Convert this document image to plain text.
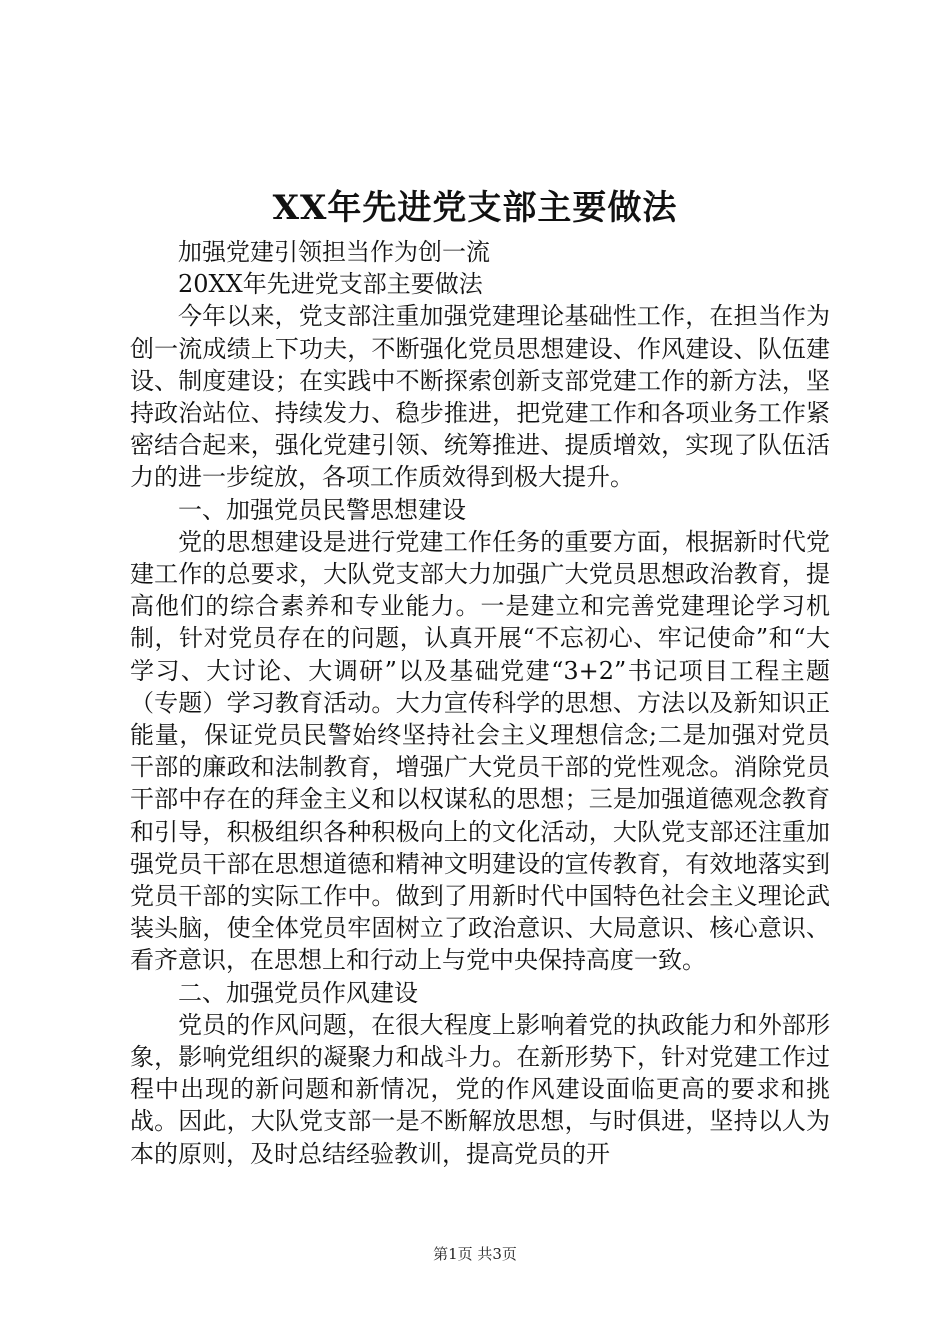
XX年先进党支部主要做法

加强党建引领担当作为创一流

20XX年先进党支部主要做法

今年以来，党支部注重加强党建理论基础性工作，在担当作为创一流成绩上下功夫，不断强化党员思想建设、作风建设、队伍建设、制度建设；在实践中不断探索创新支部党建工作的新方法，坚持政治站位、持续发力、稳步推进，把党建工作和各项业务工作紧密结合起来，强化党建引领、统筹推进、提质增效，实现了队伍活力的进一步绽放，各项工作质效得到极大提升。

一、加强党员民警思想建设

党的思想建设是进行党建工作任务的重要方面，根据新时代党建工作的总要求，大队党支部大力加强广大党员思想政治教育，提高他们的综合素养和专业能力。一是建立和完善党建理论学习机制，针对党员存在的问题，认真开展“不忘初心、牢记使命”和“大学习、大讨论、大调研”以及基础党建“3+2”书记项目工程主题（专题）学习教育活动。大力宣传科学的思想、方法以及新知识正能量，保证党员民警始终坚持社会主义理想信念;二是加强对党员干部的廉政和法制教育，增强广大党员干部的党性观念。消除党员干部中存在的拜金主义和以权谋私的思想；三是加强道德观念教育和引导，积极组织各种积极向上的文化活动，大队党支部还注重加强党员干部在思想道德和精神文明建设的宣传教育，有效地落实到党员干部的实际工作中。做到了用新时代中国特色社会主义理论武装头脑，使全体党员牢固树立了政治意识、大局意识、核心意识、看齐意识，在思想上和行动上与党中央保持高度一致。

二、加强党员作风建设

党员的作风问题，在很大程度上影响着党的执政能力和外部形象，影响党组织的凝聚力和战斗力。在新形势下，针对党建工作过程中出现的新问题和新情况，党的作风建设面临更高的要求和挑战。因此，大队党支部一是不断解放思想，与时俱进，坚持以人为本的原则，及时总结经验教训，提高党员的开

第1页 共3页
